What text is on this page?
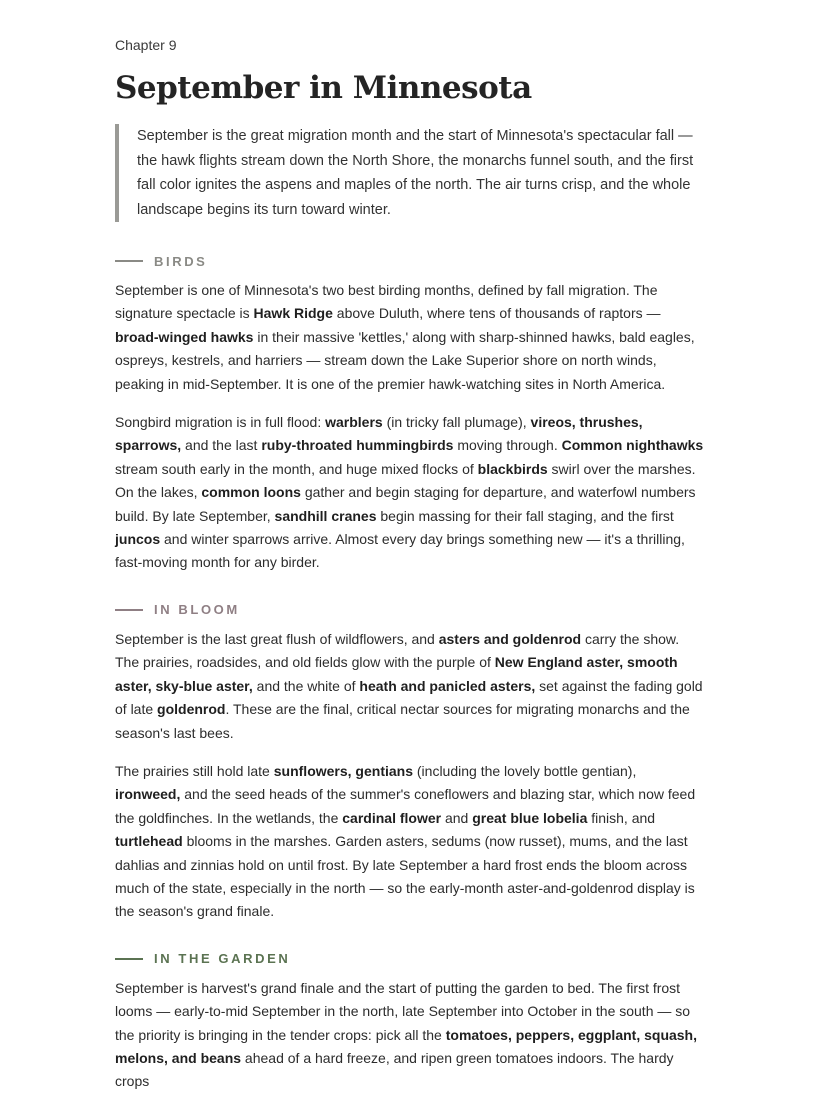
Chapter 9
September in Minnesota
September is the great migration month and the start of Minnesota's spectacular fall — the hawk flights stream down the North Shore, the monarchs funnel south, and the first fall color ignites the aspens and maples of the north. The air turns crisp, and the whole landscape begins its turn toward winter.
BIRDS

September is one of Minnesota's two best birding months, defined by fall migration. The signature spectacle is Hawk Ridge above Duluth, where tens of thousands of raptors — broad-winged hawks in their massive 'kettles,' along with sharp-shinned hawks, bald eagles, ospreys, kestrels, and harriers — stream down the Lake Superior shore on north winds, peaking in mid-September. It is one of the premier hawk-watching sites in North America.

Songbird migration is in full flood: warblers (in tricky fall plumage), vireos, thrushes, sparrows, and the last ruby-throated hummingbirds moving through. Common nighthawks stream south early in the month, and huge mixed flocks of blackbirds swirl over the marshes. On the lakes, common loons gather and begin staging for departure, and waterfowl numbers build. By late September, sandhill cranes begin massing for their fall staging, and the first juncos and winter sparrows arrive. Almost every day brings something new — it's a thrilling, fast-moving month for any birder.

IN BLOOM

September is the last great flush of wildflowers, and asters and goldenrod carry the show. The prairies, roadsides, and old fields glow with the purple of New England aster, smooth aster, sky-blue aster, and the white of heath and panicled asters, set against the fading gold of late goldenrod. These are the final, critical nectar sources for migrating monarchs and the season's last bees.

The prairies still hold late sunflowers, gentians (including the lovely bottle gentian), ironweed, and the seed heads of the summer's coneflowers and blazing star, which now feed the goldfinches. In the wetlands, the cardinal flower and great blue lobelia finish, and turtlehead blooms in the marshes. Garden asters, sedums (now russet), mums, and the last dahlias and zinnias hold on until frost. By late September a hard frost ends the bloom across much of the state, especially in the north — so the early-month aster-and-goldenrod display is the season's grand finale.

IN THE GARDEN

September is harvest's grand finale and the start of putting the garden to bed. The first frost looms — early-to-mid September in the north, late September into October in the south — so the priority is bringing in the tender crops: pick all the tomatoes, peppers, eggplant, squash, melons, and beans ahead of a hard freeze, and ripen green tomatoes indoors. The hardy crops
